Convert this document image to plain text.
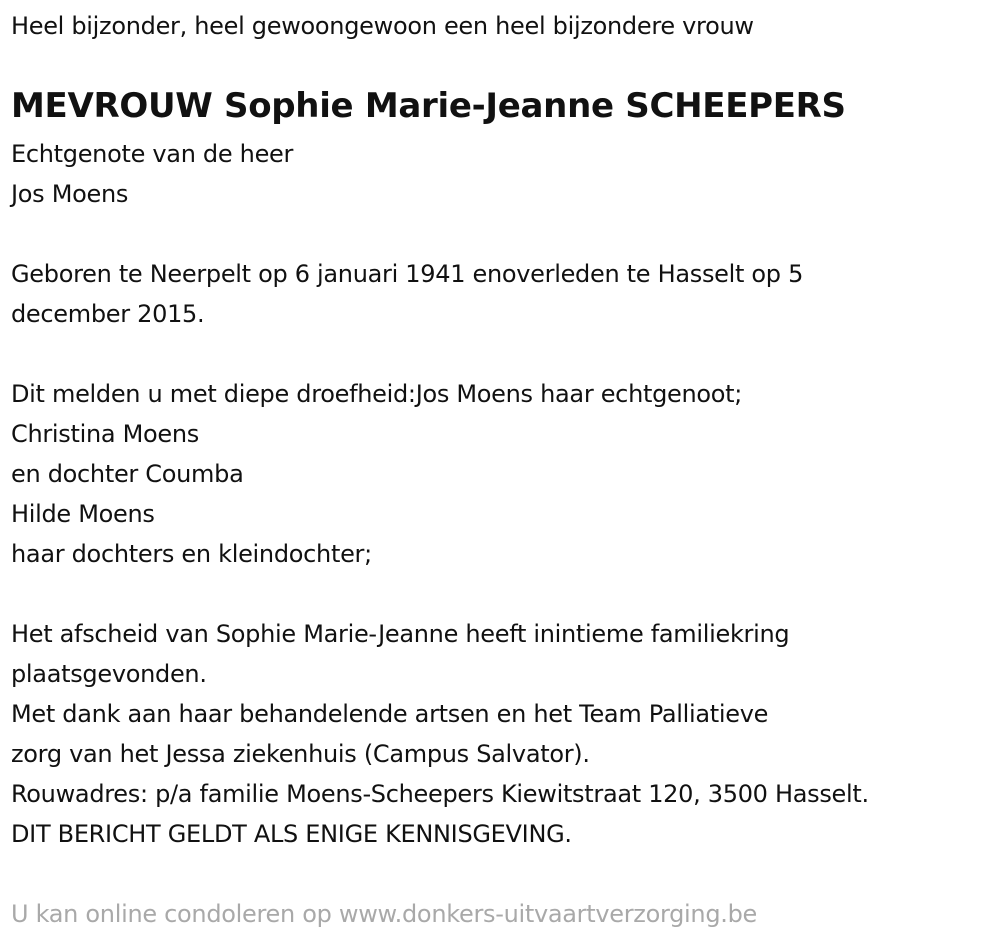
Heel bijzonder, heel gewoongewoon een heel bijzondere vrouw
MEVROUW Sophie Marie-Jeanne SCHEEPERS
Echtgenote van de heer
Jos Moens
Geboren te Neerpelt op 6 januari 1941 enoverleden te Hasselt op 5
december 2015.
Dit melden u met diepe droefheid:Jos Moens haar echtgenoot;
Christina Moens
en dochter Coumba
Hilde Moens
haar dochters en kleindochter;
Het afscheid van Sophie Marie-Jeanne heeft inintieme familiekring
plaatsgevonden.
Met dank aan haar behandelende artsen en het Team Palliatieve
zorg van het Jessa ziekenhuis (Campus Salvator).
Rouwadres: p/a familie Moens-Scheepers Kiewitstraat 120, 3500 Hasselt.
DIT BERICHT GELDT ALS ENIGE KENNISGEVING.
U kan online condoleren op www.donkers-uitvaartverzorging.be
